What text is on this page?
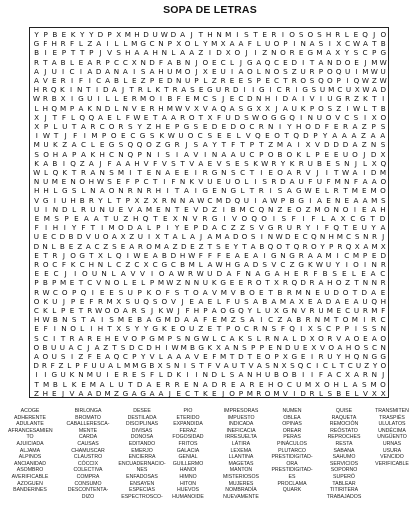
SOPA DE LETRAS
Y P B E K Y Y D P X M H D U W D A J T H N M I S T E R I O S O S H R L E Q J O
G F H R F L Z A I L L M G C N P X O L Y M X A A F L U O P I N A S I X C W A T B
B I E P T T P J V S H A A H N L A A Z I D X O J I Z N O R E G M A X Y S C P G
R T A B L E A R P C C X N D F A B N J O E C L J G A Q C E D I T A N D O E J M W
A J U I C I A D A N A I S A H U M O J X E U I A O L N O S Z U R P O Q U I M W U
A V E R I F I C A B L E Z P E D N U P L Z R E E S P E C T R O S Q O P I Q W Z W
H R Q K I N T I D A J T R L K T R A S E G U R D I I G I C R I G S U M C U X W A D
W R B X I G U I L L E R M O I B F E M C S J E C D N H I D A I V I U G R Z K T I
L H Q M P A K N D L N V E R H M W V X V A Q A S G X X J A U K P O S Z I W L T B
X J T F L Q Q A E L F W E T A A R O T X F U D S W O G G Q I N U O V C S I X O
X P L U T A R C O R S Y Z H E P G S E D E D O C R N I Y H O D F E R A Z P S
I W T J F I M P O E C G S K W U O C S E E L V Q E O T Q D P Y A A A Z A A
M U K Z A C L E G S Q Q O Z G R J S A Y T F T P T Z M A I X V D D D A Z N S
S O H A P A K H C N Q P N I S I A V I N A A U C P O B O K L P E E U O J D X
K A B I Q Z A J F A A H V F V S T V A E V S E S K W R Y K R U B E S N J L X Q
W L Q K T R A N S M I T E N A E E I R G N S C T I E O A R V J I T W A I D M
N U M E N O H W S E F P C T I F N K V U E U O L I S R D A U F U F M N F A A O
H H L G S L N A O N R N R H I T A I G E N G L T R I S A G W E L R T M E M O
V G I U H B R Y L T P X Z X R N N A W C M D Q U I A W P B G I A E N E A A M S
U I N D L R U N U E V A M E N T E V D Z I B M C Q N Z E O Z M O N O I E A H
E M S P E A A T U Z H Q T E X N V R G I V O Q O I S F I F L A X C G T D
F I H I Y F T I M O D A L P I Y E P D A C Z Z S V G R U R Y I F Q T E U Y A
U E C D B D V U O A X Z U I X T A L A J A M A D O S I N W D E C Q N H M C S N R J
D N L B E Z A C Z S E A R O M A Z D E Z T S E Y T A B Q O T Q R O Y P R Q X A M X
E T R J O G T X L Q I W E A B D H W F F F E A E A I G N G R A A M I C M P E D
R O C F K C H N L C Z C X C G C B M L A W H G A D S V C Z G K W U Y I O I N R
E E C J I O U N L A V V I O A W R W U D A F N A G A H E R F B S E L E A C
P B P M E T C V N O L E L P M W Z N N U K G E E R O T X R Q D R A H O Z T N N R
R W C O P Q I E E S U P K O F S T O A V M V B O E T B R M N E U D O T D A E
O K U J P E F R M X S U Q S O V J E A E L F U S A B A M A X E A D A E A U Q H
C K L P E T R W O O A R S J K W J F H P A O G Q Y L U X G N V R U M E C U R M F
H W B N S T A I S M E B A G M D A A F E M Z S A I C Z A B R N M T O M I R C
E F I N O L I H T X S Y Y G K E O U Z E T P O C R N S F Q I X S C P P I S S N
S C I T R A R E H E V O P G M P S N G W L C A K S L R N A L D X O R V A O E A O
O B U U A C J A Z T S D C D H I W M B G K X A N S P P E N D U E X V O A H O S C N
A O U S I Z F E A Q C P Y V L A A A V E F M T D T E O P X G E I R U Y H Q N G G
D R F Z L P F U U A L M M G B X S N I S T F V A U T V A S N X S Q C I C L T C U Z Y O
I I G U K N M U I E R E S F L D K I I N D L S A N H U B O B I I F A C X A R N J
T M B L K E M A L U T D A E R R E N A D R E A R E H O C U M X O H L A S M O
Z H E J V A A D M Z G A G A A J E C T K E J O P M R O M V I D R L S B E L V X X
ACOGE
ADHERENTE
ADULANTE
AFRANCESAMIEN
TO
AJUICIADA
ALJAMA
ALPINOS
ANCIANIDAD
ASOMBRO
AVERIFICABLE
AZOGUEN
BANDERINES
BIRLONGA
BROMATO
CABALLERESCA-
MENTE
CARDA
CAUSAS
CHAMUSCAR
CLAUSTRO
CÓCCIX
COLECTIVA
COMPRA
CONSUMO
DESCONTENTA-
DIZO
DESEE
DESTILADA
DISCIPLINAS
DIVISAS
DONOSA
EDITANDO
EMERJO
ENCIERRA
ENCUADERNACIO-
NES
ENFADOSAS
ENSAYEN
ESPECIAS
ESPECTROSCO-
PIO
ETERIDO
EXPANDIDA
FERAZ
FOGOSIDAD
FRITOS
GALACIA
GENIAL
GUILLERMO
HANOI
HIMNO
HITON
HUEVOS
HUMANOIDE
IMPRESORAS
IMPUESTO
INDICADA
INEFICACIA
IRRESUELTA
LÁTIRA
LEXEMA
LLANTINA
MAGETAS
MANTON
MISTERIOSOS
MUJERES
NOMBRADÍA
NUEVAMENTE
NUMEN
OBLEA
OPINAS
OREAR
PERAS
PINÁCULOS
PLUTARCO
PRESTIDIGITAD-
ORA
PRESTIDIGITAD-
ES
PROCLAMA
QUARK
QUISE
RAQUETA
REMOCIÓN
REÓSTATO
REPROCHES
RESTA
SABANA
SAHUMO
SERVICIOS
SOPORNO
SUPERÓ
TABLEAR
TITIRITERA
TRABAJADOS
TRANSMITEN
TRASPIÉS
ULULATOS
UNDÉCIMA
UNGÜENTO
URNAS
USURA
VENCIDO
VERIFICABLE
